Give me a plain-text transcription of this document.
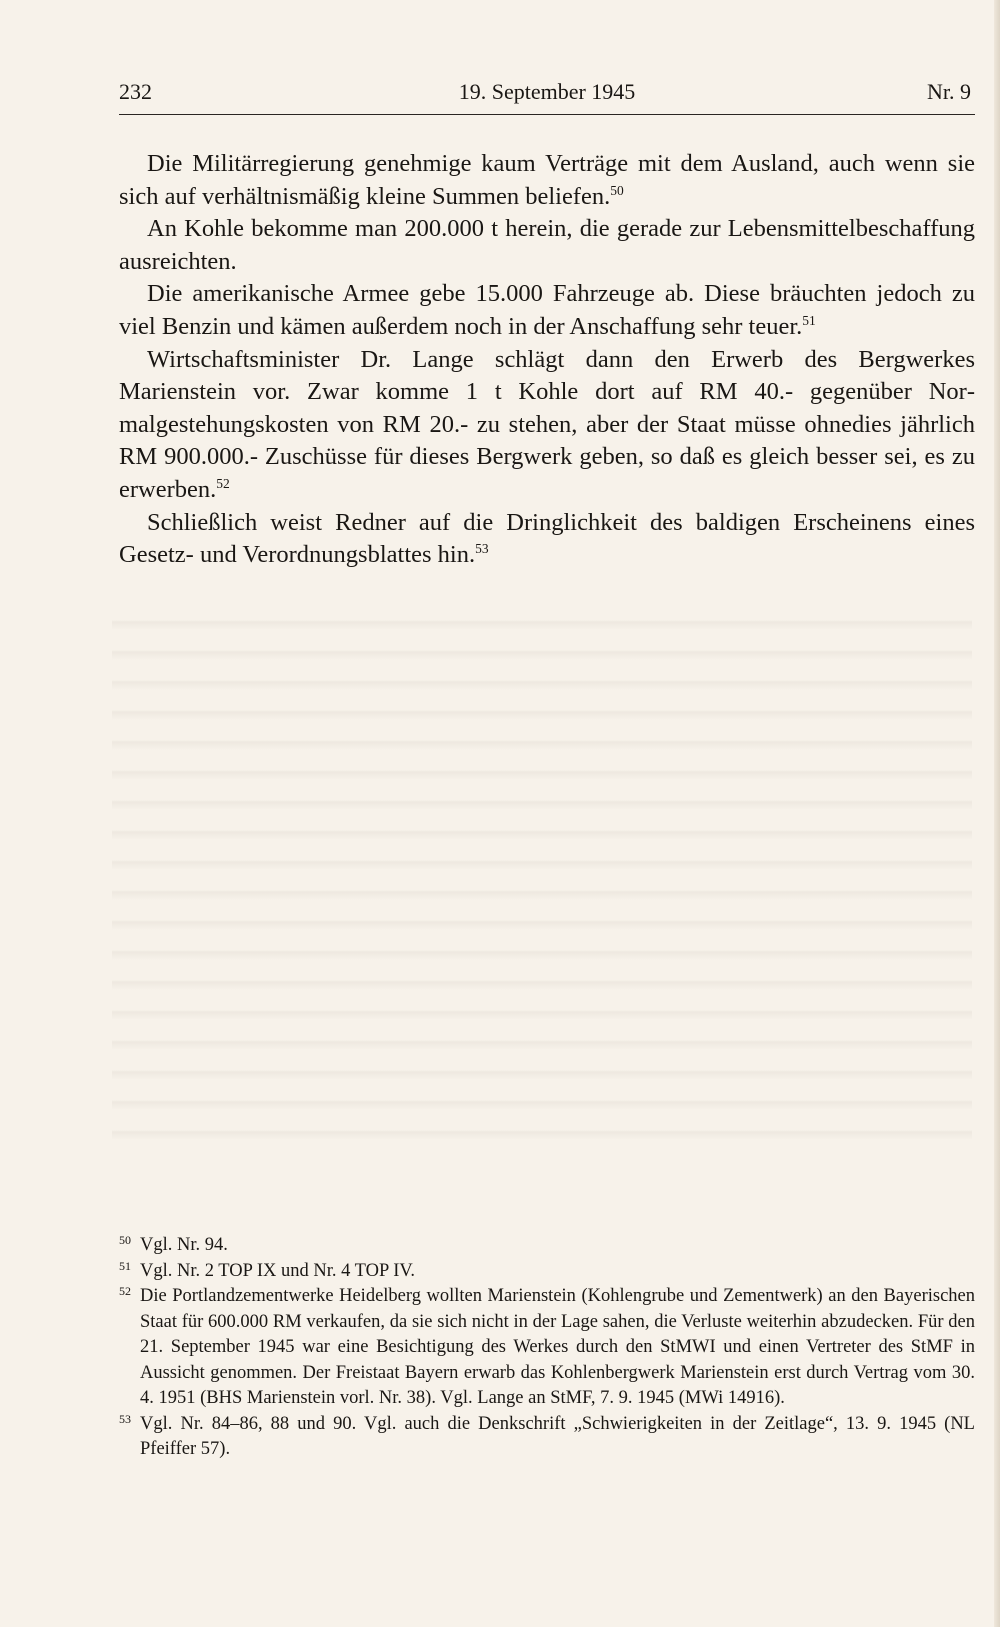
232	19. September 1945	Nr. 9

Die Militärregierung genehmige kaum Verträge mit dem Ausland, auch wenn sie sich auf verhältnismäßig kleine Summen beliefen.$^{50}$

An Kohle bekomme man 200.000 t herein, die gerade zur Lebensmittelbeschaffung ausreichten.

Die amerikanische Armee gebe 15.000 Fahrzeuge ab. Diese bräuchten jedoch zu viel Benzin und kämen außerdem noch in der Anschaffung sehr teuer.$^{51}$

Wirtschaftsminister Dr. Lange schlägt dann den Erwerb des Bergwerkes Marienstein vor. Zwar komme 1 t Kohle dort auf RM 40.- gegenüber Normalgestehungskosten von RM 20.- zu stehen, aber der Staat müsse ohnedies jährlich RM 900.000.- Zuschüsse für dieses Bergwerk geben, so daß es gleich besser sei, es zu erwerben.$^{52}$

Schließlich weist Redner auf die Dringlichkeit des baldigen Erscheinens eines Gesetz- und Verordnungsblattes hin.$^{53}$

50 Vgl. Nr. 94.
51 Vgl. Nr. 2 TOP IX und Nr. 4 TOP IV.
52 Die Portlandzementwerke Heidelberg wollten Marienstein (Kohlengrube und Zementwerk) an den Bayerischen Staat für 600.000 RM verkaufen, da sie sich nicht in der Lage sahen, die Verluste weiterhin abzudecken. Für den 21. September 1945 war eine Besichtigung des Werkes durch den StMWI und einen Vertreter des StMF in Aussicht genommen. Der Freistaat Bayern erwarb das Kohlenbergwerk Marienstein erst durch Vertrag vom 30. 4. 1951 (BHS Marienstein vorl. Nr. 38). Vgl. Lange an StMF, 7. 9. 1945 (MWi 14916).
53 Vgl. Nr. 84–86, 88 und 90. Vgl. auch die Denkschrift „Schwierigkeiten in der Zeitlage“, 13. 9. 1945 (NL Pfeiffer 57).
